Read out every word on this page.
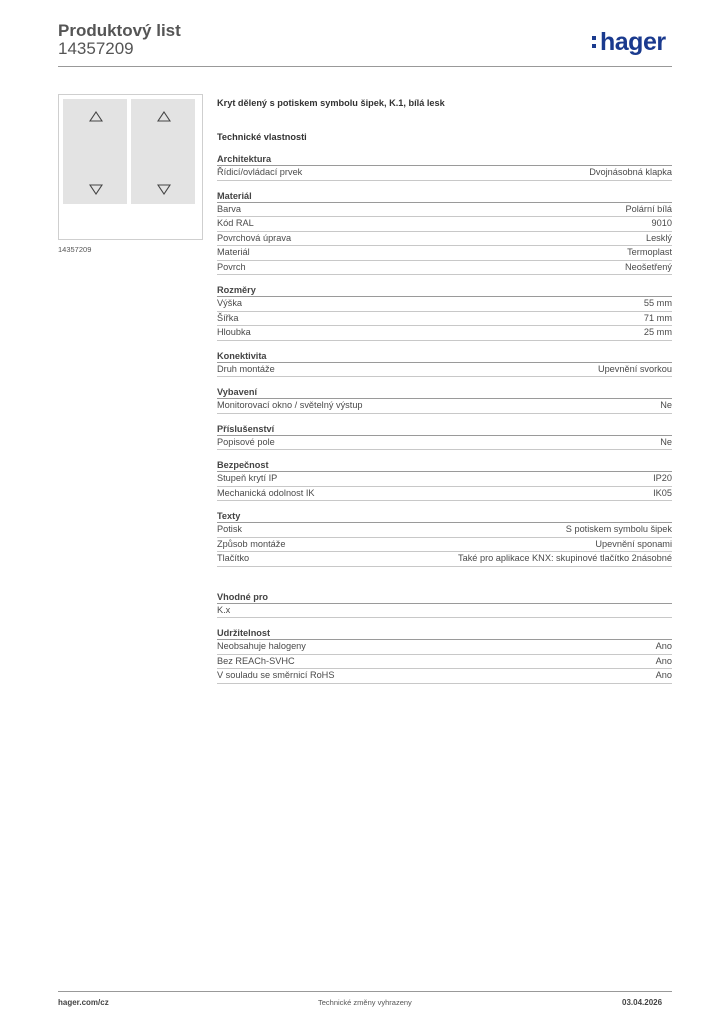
Produktový list
14357209	hager
14357209
Kryt dělený s potiskem symbolu šipek, K.1, bílá lesk
Technické vlastnosti
Architektura
Řídicí/ovládací prvek	Dvojnásobná klapka
Materiál
Barva	Polární bílá
Kód RAL	9010
Povrchová úprava	Lesklý
Materiál	Termoplast
Povrch	Neošetřený
Rozměry
Výška	55 mm
Šířka	71 mm
Hloubka	25 mm
Konektivita
Druh montáže	Upevnění svorkou
Vybavení
Monitorovací okno / světelný výstup	Ne
Příslušenství
Popisové pole	Ne
Bezpečnost
Stupeň krytí IP	IP20
Mechanická odolnost IK	IK05
Texty
Potisk	S potiskem symbolu šipek
Způsob montáže	Upevnění sponami
Tlačítko	Také pro aplikace KNX: skupinové tlačítko 2násobné
Vhodné pro
K.x
Udržitelnost
Neobsahuje halogeny	Ano
Bez REACh-SVHC	Ano
V souladu se směrnicí RoHS	Ano
hager.com/cz	Technické změny vyhrazeny	03.04.2026
